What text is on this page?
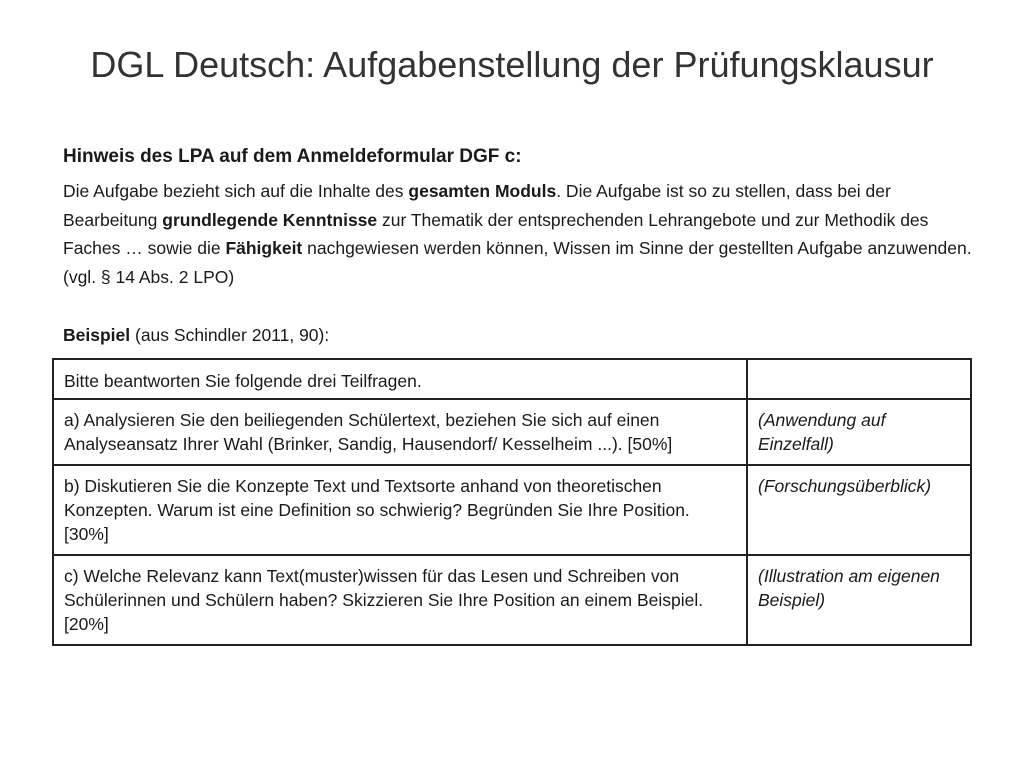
DGL Deutsch: Aufgabenstellung der Prüfungsklausur
Hinweis des LPA auf dem Anmeldeformular DGF c:
Die Aufgabe bezieht sich auf die Inhalte des gesamten Moduls. Die Aufgabe ist so zu stellen, dass bei der Bearbeitung grundlegende Kenntnisse zur Thematik der entsprechenden Lehrangebote und zur Methodik des Faches … sowie die Fähigkeit nachgewiesen werden können, Wissen im Sinne der gestellten Aufgabe anzuwenden. (vgl. § 14 Abs. 2 LPO)
Beispiel (aus Schindler 2011, 90):
Bitte beantworten Sie folgende drei Teilfragen.	
a) Analysieren Sie den beiliegenden Schülertext, beziehen Sie sich auf einen Analyseansatz Ihrer Wahl (Brinker, Sandig, Hausendorf/ Kesselheim ...). [50%]	(Anwendung auf Einzelfall)
b) Diskutieren Sie die Konzepte Text und Textsorte anhand von theoretischen Konzepten. Warum ist eine Definition so schwierig? Begründen Sie Ihre Position. [30%]	(Forschungsüberblick)
c) Welche Relevanz kann Text(muster)wissen für das Lesen und Schreiben von Schülerinnen und Schülern haben? Skizzieren Sie Ihre Position an einem Beispiel. [20%]	(Illustration am eigenen Beispiel)
